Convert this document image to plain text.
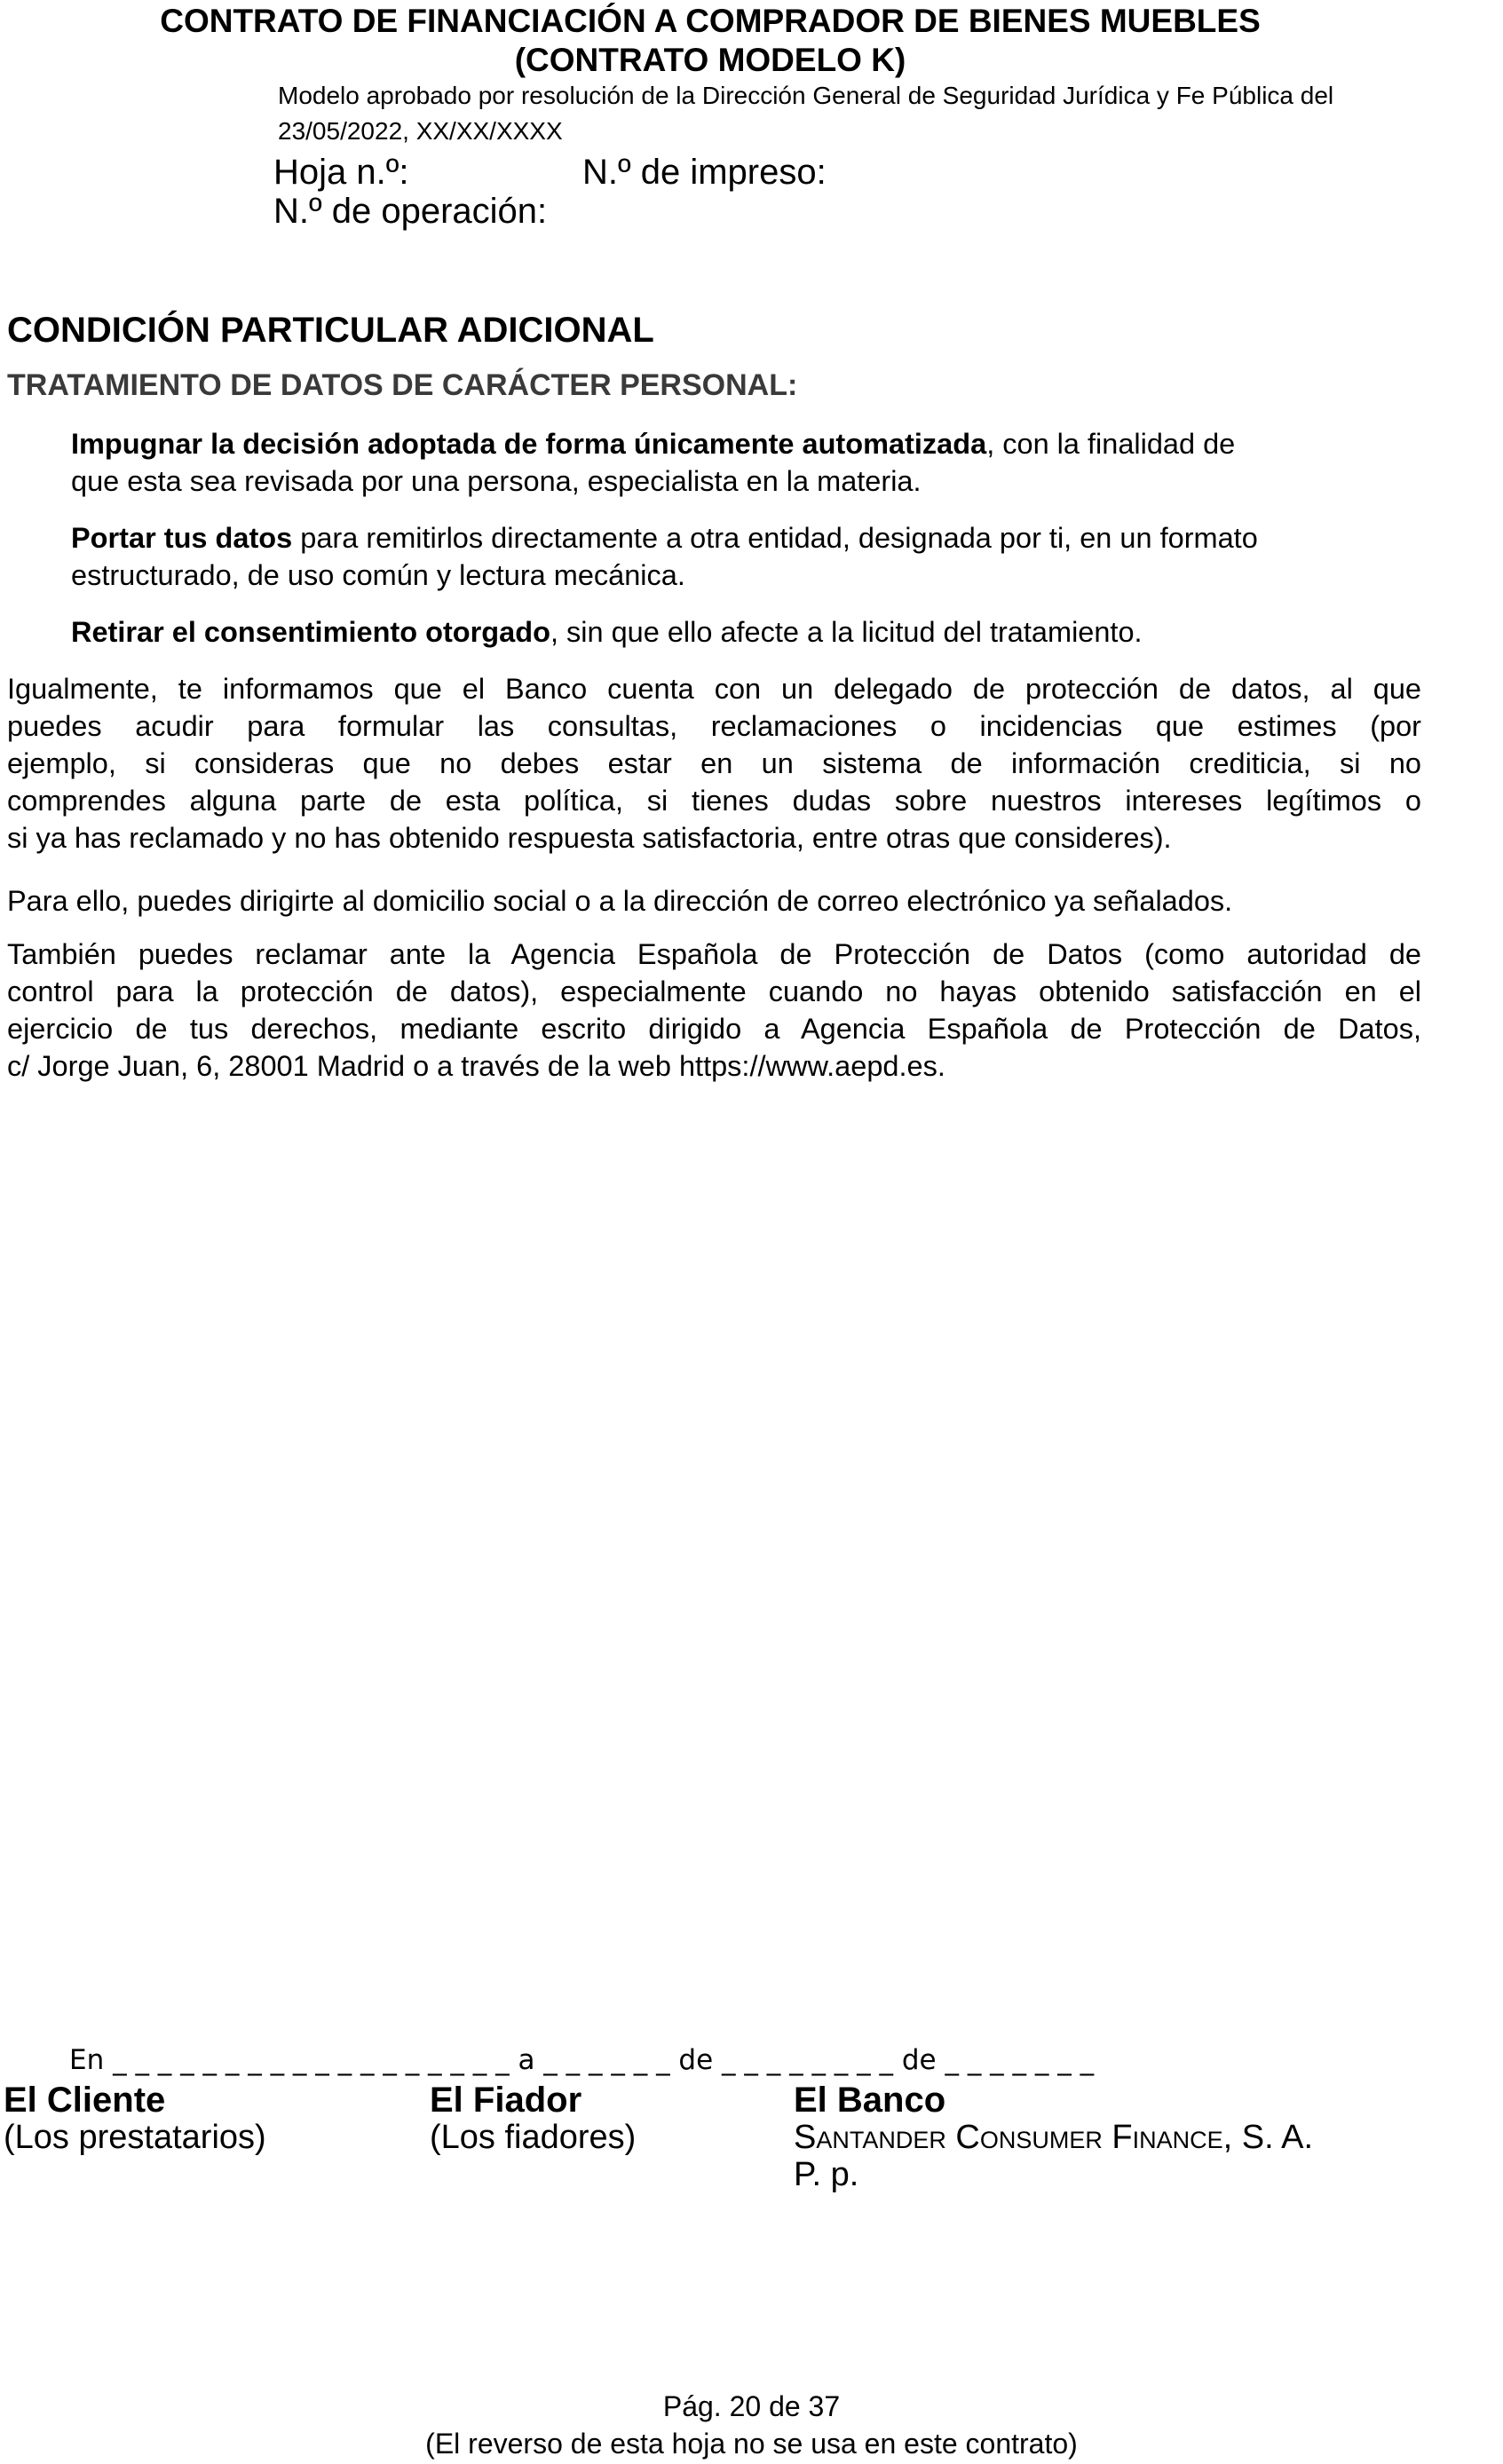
CONTRATO DE FINANCIACIÓN A COMPRADOR DE BIENES MUEBLES
(CONTRATO MODELO K)
Modelo aprobado por resolución de la Dirección General de Seguridad Jurídica y Fe Pública del
23/05/2022, XX/XX/XXXX
Hoja n.º:	N.º de impreso:
N.º de operación:
CONDICIÓN PARTICULAR ADICIONAL
TRATAMIENTO DE DATOS DE CARÁCTER PERSONAL:
Impugnar la decisión adoptada de forma únicamente automatizada, con la finalidad de
que esta sea revisada por una persona, especialista en la materia.
Portar tus datos para remitirlos directamente a otra entidad, designada por ti, en un formato
estructurado, de uso común y lectura mecánica.
Retirar el consentimiento otorgado, sin que ello afecte a la licitud del tratamiento.
Igualmente, te informamos que el Banco cuenta con un delegado de protección de datos, al que
puedes acudir para formular las consultas, reclamaciones o incidencias que estimes (por
ejemplo, si consideras que no debes estar en un sistema de información crediticia, si no
comprendes alguna parte de esta política, si tienes dudas sobre nuestros intereses legítimos o
si ya has reclamado y no has obtenido respuesta satisfactoria, entre otras que consideres).
Para ello, puedes dirigirte al domicilio social o a la dirección de correo electrónico ya señalados.
También puedes reclamar ante la Agencia Española de Protección de Datos (como autoridad de
control para la protección de datos), especialmente cuando no hayas obtenido satisfacción en el
ejercicio de tus derechos, mediante escrito dirigido a Agencia Española de Protección de Datos,
c/ Jorge Juan, 6, 28001 Madrid o a través de la web https://www.aepd.es.
En _ _ _ _ _ _ _ _ _ _ _ _ _ _ _ _ _ _ a _ _ _ _ _ _ de _ _ _ _ _ _ _ _ de _ _ _ _ _ _ _
El Cliente
(Los prestatarios)
El Fiador
(Los fiadores)
El Banco
Santander Consumer Finance, S. A.
P. p.
Pág. 20 de 37
(El reverso de esta hoja no se usa en este contrato)
